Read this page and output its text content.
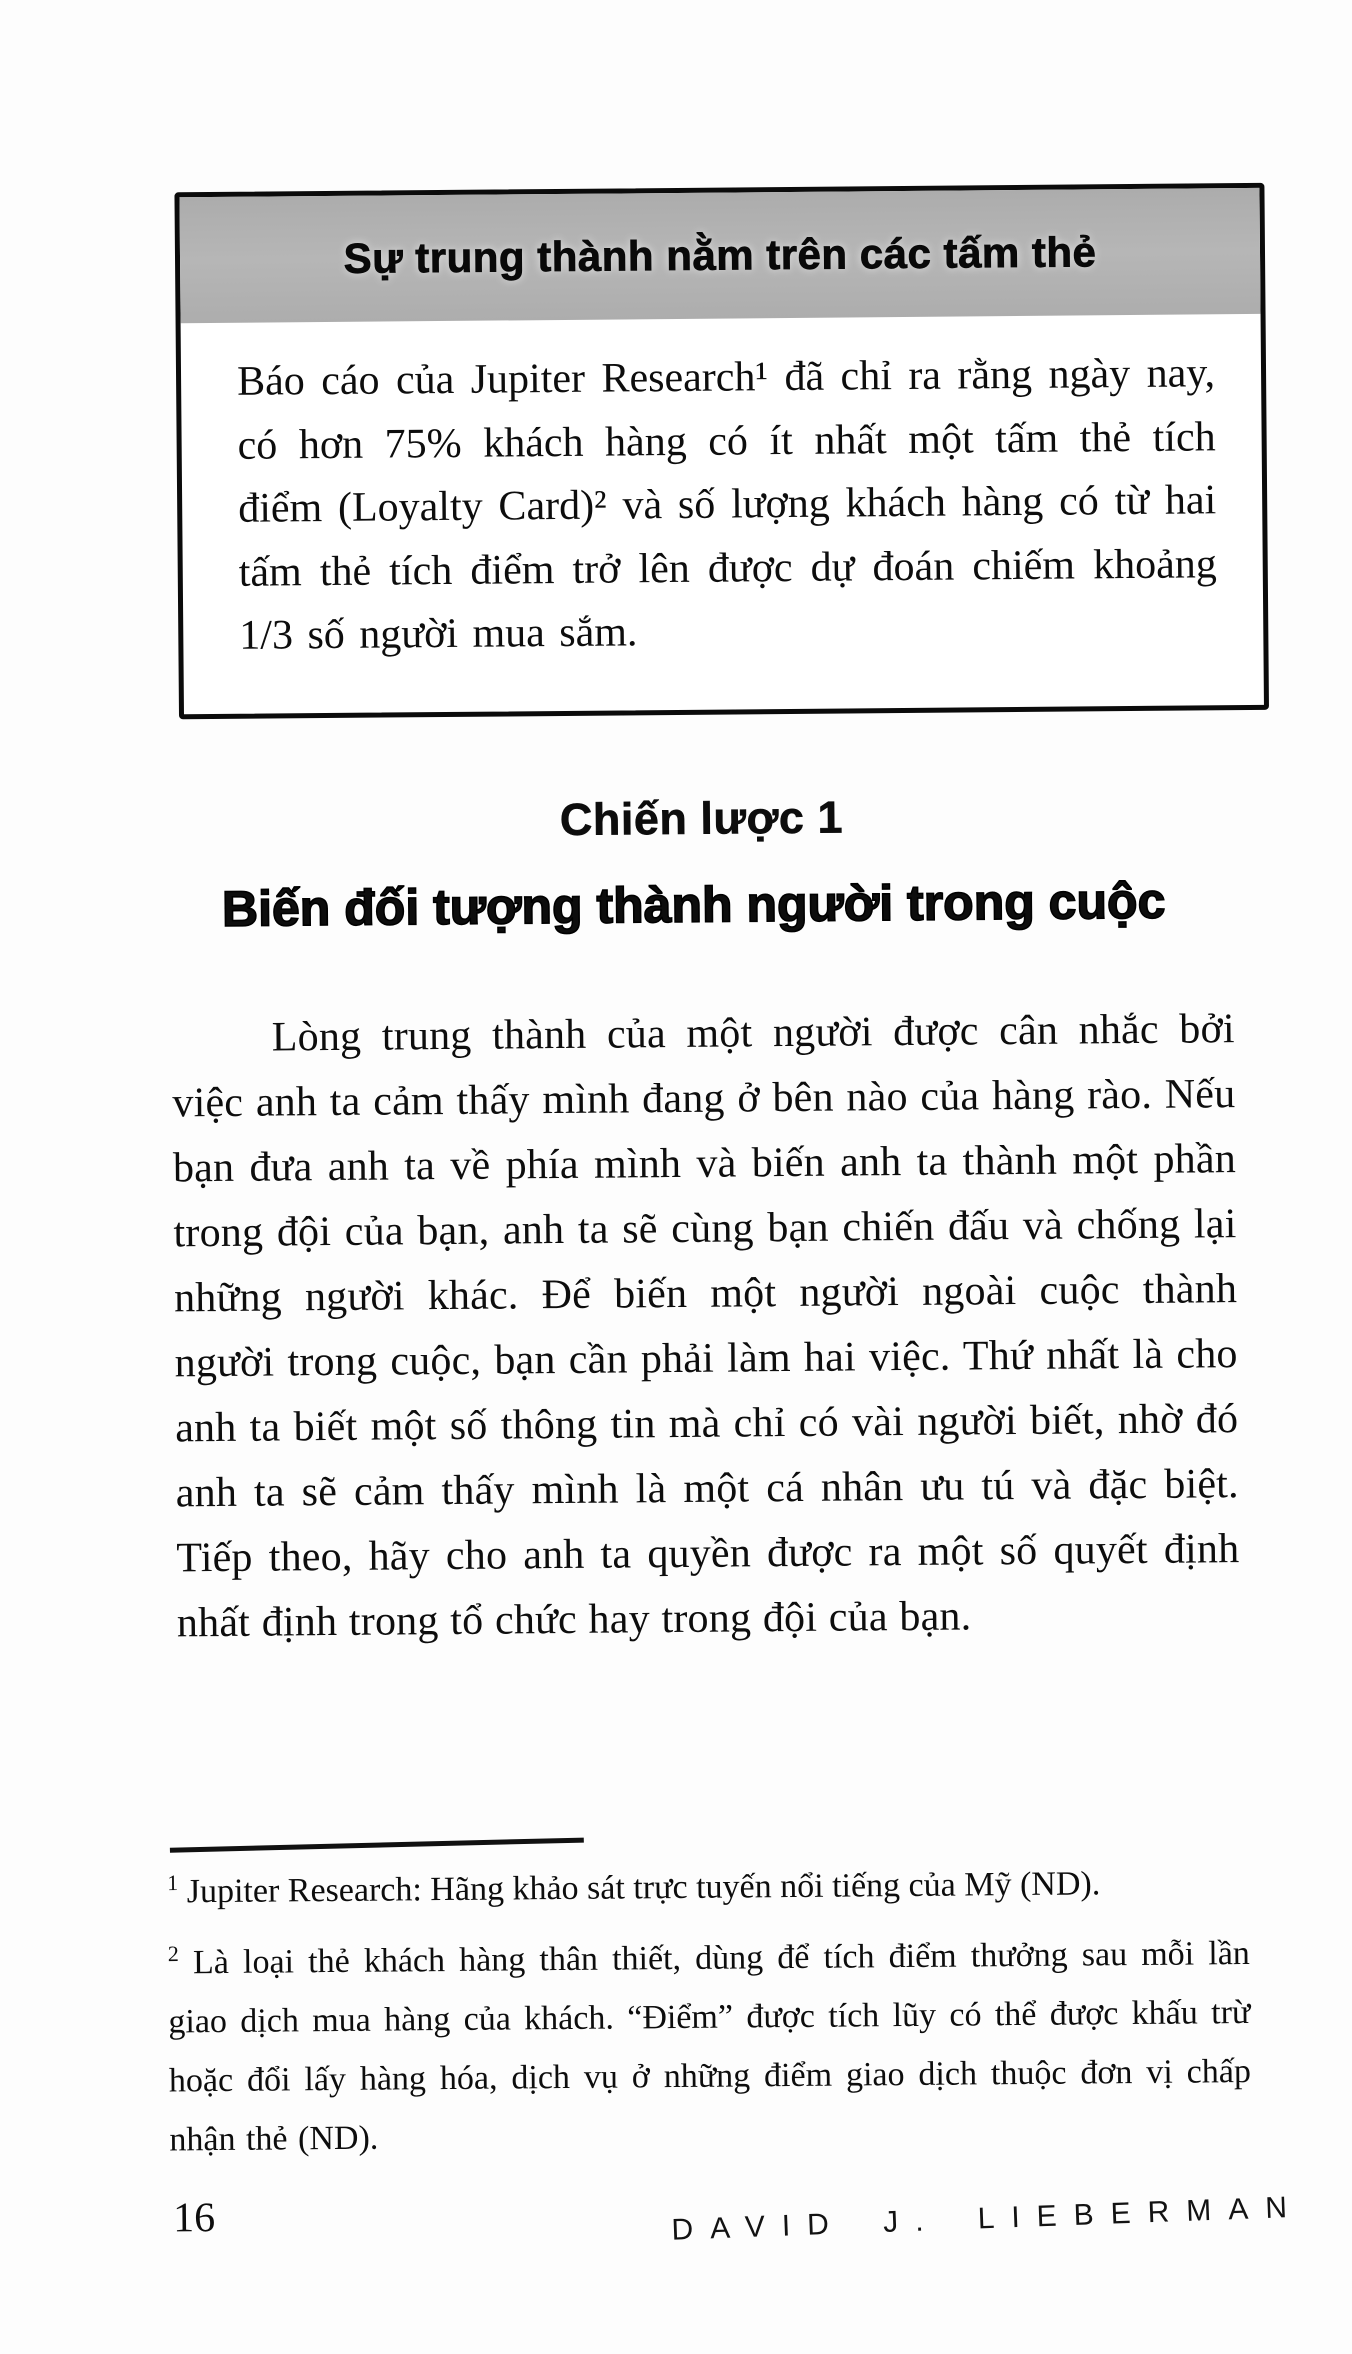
Sự trung thành nằm trên các tấm thẻ

Báo cáo của Jupiter Research¹ đã chỉ ra rằng ngày nay, có hơn 75% khách hàng có ít nhất một tấm thẻ tích điểm (Loyalty Card)² và số lượng khách hàng có từ hai tấm thẻ tích điểm trở lên được dự đoán chiếm khoảng 1/3 số người mua sắm.

Chiến lược 1
Biến đối tượng thành người trong cuộc

Lòng trung thành của một người được cân nhắc bởi việc anh ta cảm thấy mình đang ở bên nào của hàng rào. Nếu bạn đưa anh ta về phía mình và biến anh ta thành một phần trong đội của bạn, anh ta sẽ cùng bạn chiến đấu và chống lại những người khác. Để biến một người ngoài cuộc thành người trong cuộc, bạn cần phải làm hai việc. Thứ nhất là cho anh ta biết một số thông tin mà chỉ có vài người biết, nhờ đó anh ta sẽ cảm thấy mình là một cá nhân ưu tú và đặc biệt. Tiếp theo, hãy cho anh ta quyền được ra một số quyết định nhất định trong tổ chức hay trong đội của bạn.

$^1$ Jupiter Research: Hãng khảo sát trực tuyến nổi tiếng của Mỹ (ND).

$^2$ Là loại thẻ khách hàng thân thiết, dùng để tích điểm thưởng sau mỗi lần giao dịch mua hàng của khách. “Điểm” được tích lũy có thể được khấu trừ hoặc đổi lấy hàng hóa, dịch vụ ở những điểm giao dịch thuộc đơn vị chấp nhận thẻ (ND).

16	DAVID J. LIEBERMAN
